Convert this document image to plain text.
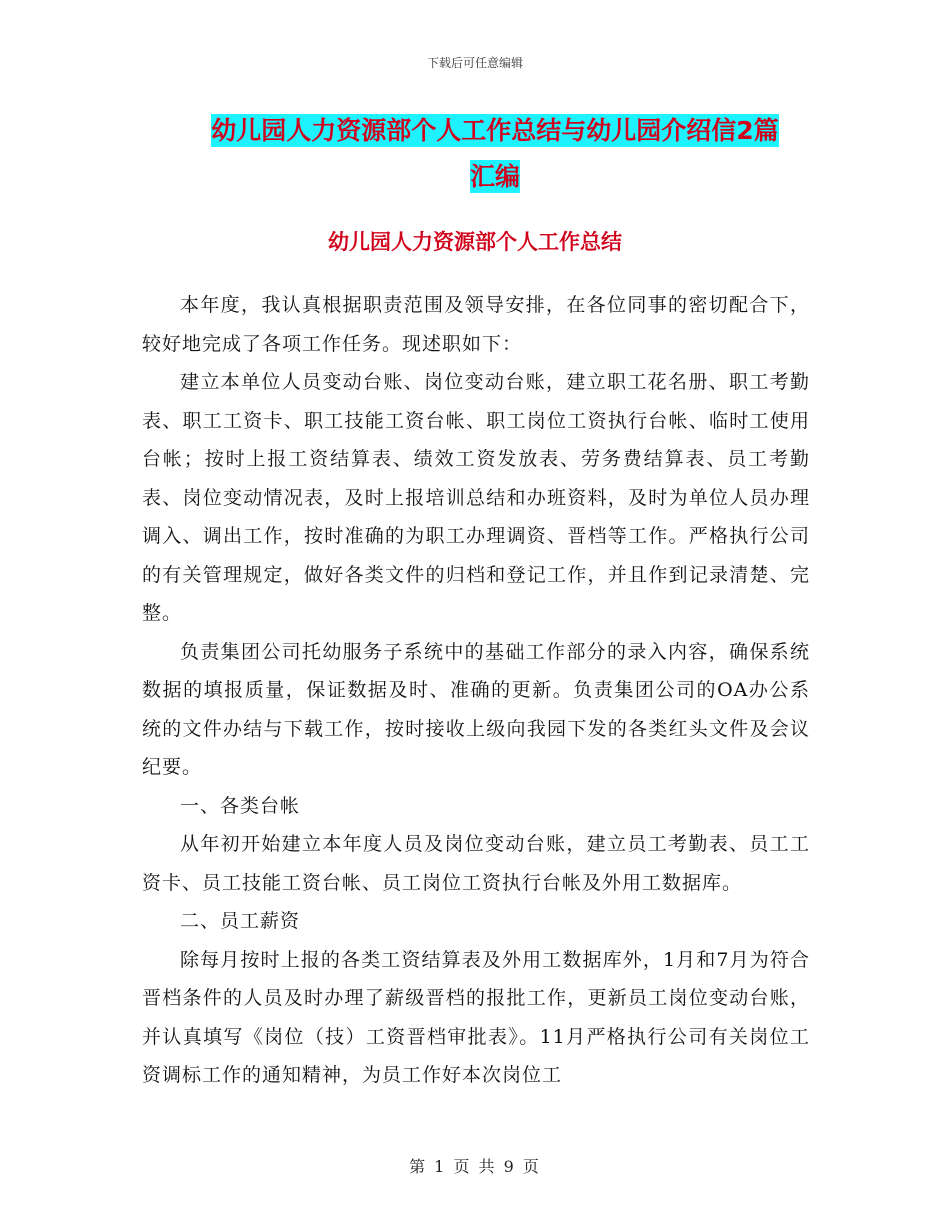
下载后可任意编辑
幼儿园人力资源部个人工作总结与幼儿园介绍信2篇
汇编
幼儿园人力资源部个人工作总结

本年度，我认真根据职责范围及领导安排，在各位同事的密切配合下，较好地完成了各项工作任务。现述职如下：

建立本单位人员变动台账、岗位变动台账，建立职工花名册、职工考勤表、职工工资卡、职工技能工资台帐、职工岗位工资执行台帐、临时工使用台帐；按时上报工资结算表、绩效工资发放表、劳务费结算表、员工考勤表、岗位变动情况表，及时上报培训总结和办班资料，及时为单位人员办理调入、调出工作，按时准确的为职工办理调资、晋档等工作。严格执行公司的有关管理规定，做好各类文件的归档和登记工作，并且作到记录清楚、完整。

负责集团公司托幼服务子系统中的基础工作部分的录入内容，确保系统数据的填报质量，保证数据及时、准确的更新。负责集团公司的OA办公系统的文件办结与下载工作，按时接收上级向我园下发的各类红头文件及会议纪要。

一、各类台帐

从年初开始建立本年度人员及岗位变动台账，建立员工考勤表、员工工资卡、员工技能工资台帐、员工岗位工资执行台帐及外用工数据库。

二、员工薪资

除每月按时上报的各类工资结算表及外用工数据库外，1月和7月为符合晋档条件的人员及时办理了薪级晋档的报批工作，更新员工岗位变动台账，并认真填写《岗位（技）工资晋档审批表》。11月严格执行公司有关岗位工资调标工作的通知精神，为员工作好本次岗位工

第 1 页 共 9 页
